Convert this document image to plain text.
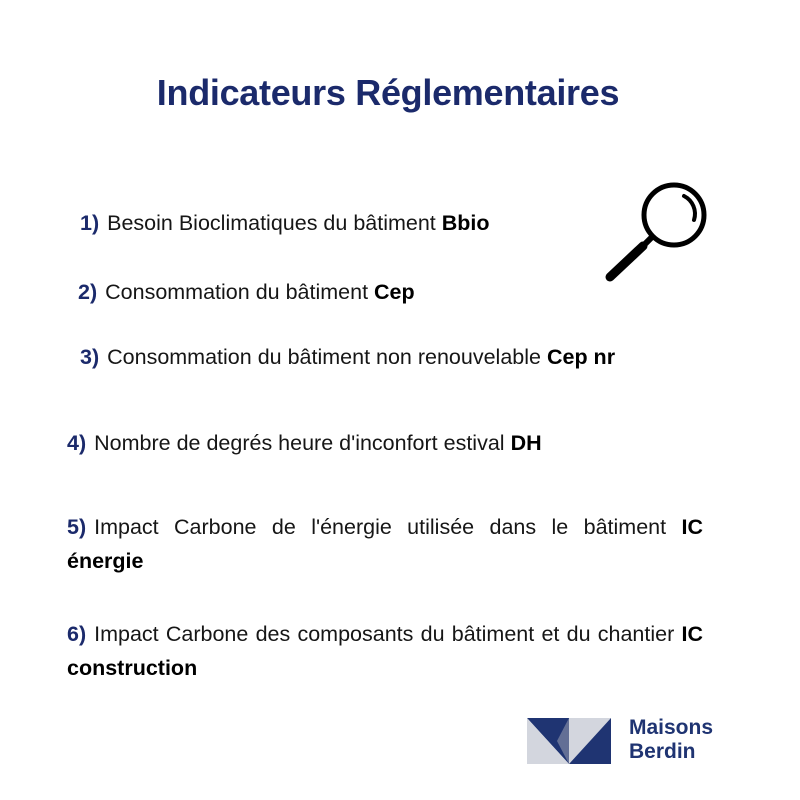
Indicateurs Réglementaires
1) Besoin Bioclimatiques du bâtiment Bbio
2) Consommation du bâtiment Cep
3) Consommation du bâtiment non renouvelable Cep nr
4) Nombre de degrés heure d'inconfort estival DH
5) Impact Carbone de l'énergie utilisée dans le bâtiment IC énergie
6) Impact Carbone des composants du bâtiment et du chantier IC construction
Maisons
Berdin
